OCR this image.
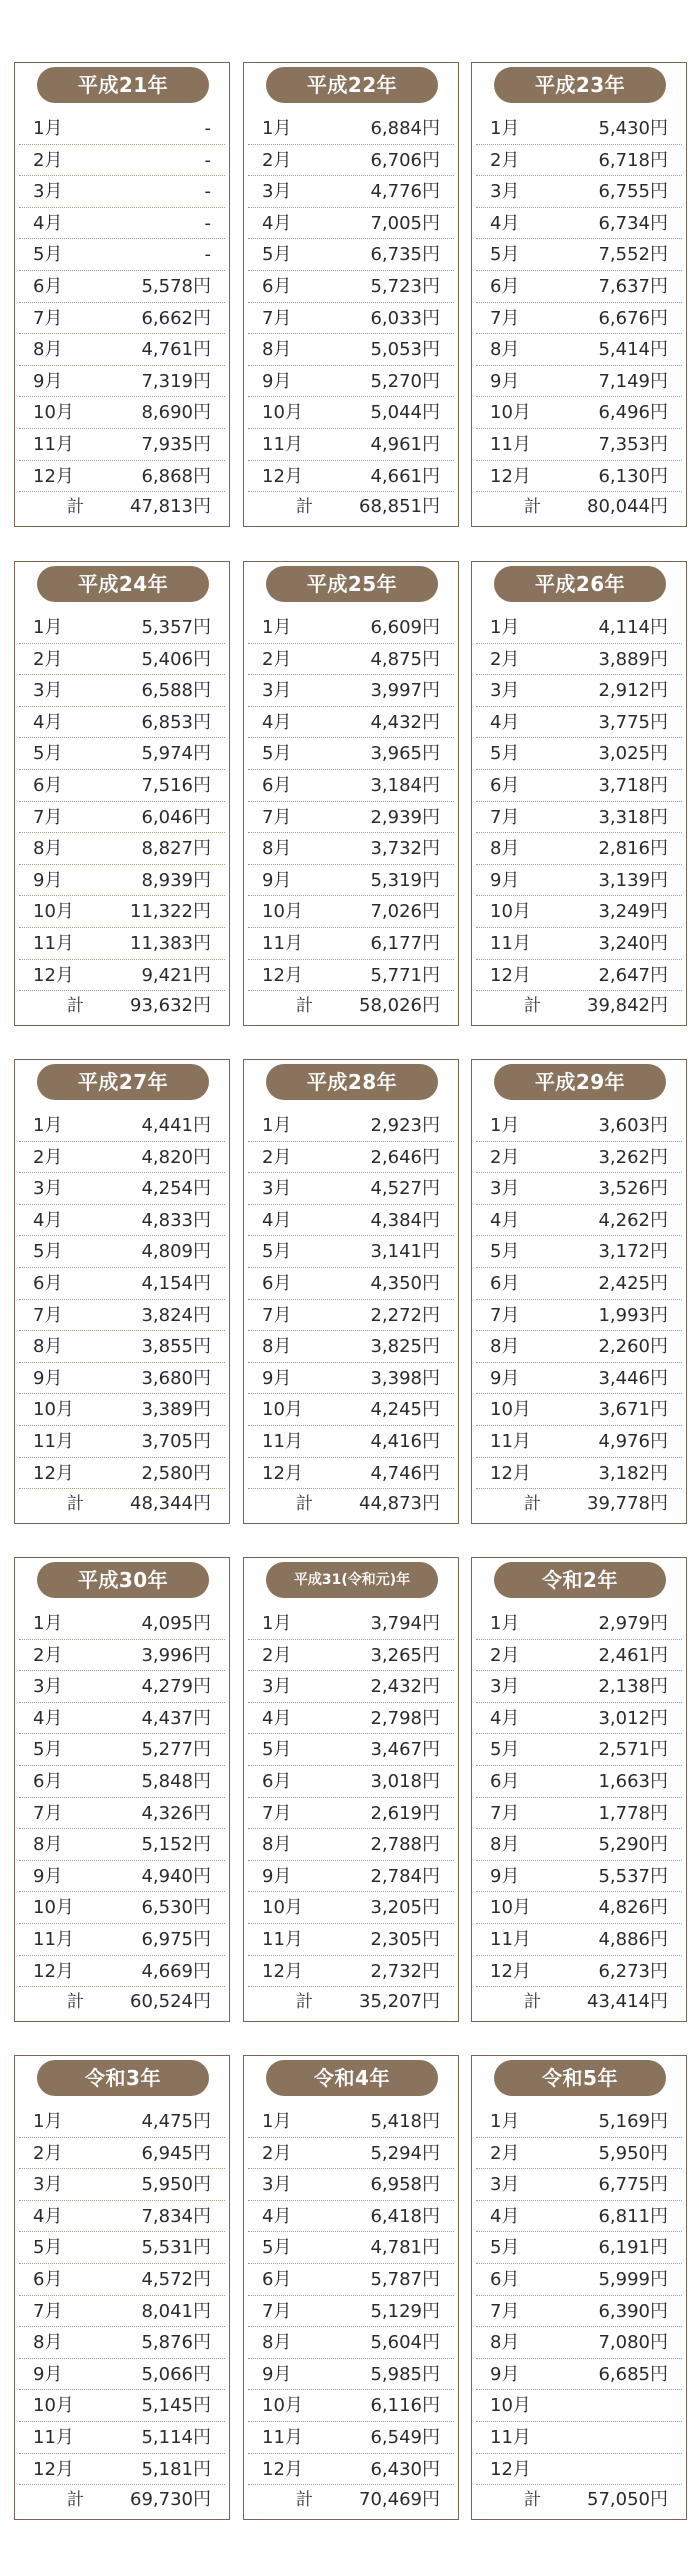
平成21年
1月	-
2月	-
3月	-
4月	-
5月	-
6月	5,578円
7月	6,662円
8月	4,761円
9月	7,319円
10月	8,690円
11月	7,935円
12月	6,868円
計	47,813円
平成22年
1月	6,884円
2月	6,706円
3月	4,776円
4月	7,005円
5月	6,735円
6月	5,723円
7月	6,033円
8月	5,053円
9月	5,270円
10月	5,044円
11月	4,961円
12月	4,661円
計	68,851円
平成23年
1月	5,430円
2月	6,718円
3月	6,755円
4月	6,734円
5月	7,552円
6月	7,637円
7月	6,676円
8月	5,414円
9月	7,149円
10月	6,496円
11月	7,353円
12月	6,130円
計	80,044円
平成24年
1月	5,357円
2月	5,406円
3月	6,588円
4月	6,853円
5月	5,974円
6月	7,516円
7月	6,046円
8月	8,827円
9月	8,939円
10月	11,322円
11月	11,383円
12月	9,421円
計	93,632円
平成25年
1月	6,609円
2月	4,875円
3月	3,997円
4月	4,432円
5月	3,965円
6月	3,184円
7月	2,939円
8月	3,732円
9月	5,319円
10月	7,026円
11月	6,177円
12月	5,771円
計	58,026円
平成26年
1月	4,114円
2月	3,889円
3月	2,912円
4月	3,775円
5月	3,025円
6月	3,718円
7月	3,318円
8月	2,816円
9月	3,139円
10月	3,249円
11月	3,240円
12月	2,647円
計	39,842円
平成27年
1月	4,441円
2月	4,820円
3月	4,254円
4月	4,833円
5月	4,809円
6月	4,154円
7月	3,824円
8月	3,855円
9月	3,680円
10月	3,389円
11月	3,705円
12月	2,580円
計	48,344円
平成28年
1月	2,923円
2月	2,646円
3月	4,527円
4月	4,384円
5月	3,141円
6月	4,350円
7月	2,272円
8月	3,825円
9月	3,398円
10月	4,245円
11月	4,416円
12月	4,746円
計	44,873円
平成29年
1月	3,603円
2月	3,262円
3月	3,526円
4月	4,262円
5月	3,172円
6月	2,425円
7月	1,993円
8月	2,260円
9月	3,446円
10月	3,671円
11月	4,976円
12月	3,182円
計	39,778円
平成30年
1月	4,095円
2月	3,996円
3月	4,279円
4月	4,437円
5月	5,277円
6月	5,848円
7月	4,326円
8月	5,152円
9月	4,940円
10月	6,530円
11月	6,975円
12月	4,669円
計	60,524円
平成31(令和元)年
1月	3,794円
2月	3,265円
3月	2,432円
4月	2,798円
5月	3,467円
6月	3,018円
7月	2,619円
8月	2,788円
9月	2,784円
10月	3,205円
11月	2,305円
12月	2,732円
計	35,207円
令和2年
1月	2,979円
2月	2,461円
3月	2,138円
4月	3,012円
5月	2,571円
6月	1,663円
7月	1,778円
8月	5,290円
9月	5,537円
10月	4,826円
11月	4,886円
12月	6,273円
計	43,414円
令和3年
1月	4,475円
2月	6,945円
3月	5,950円
4月	7,834円
5月	5,531円
6月	4,572円
7月	8,041円
8月	5,876円
9月	5,066円
10月	5,145円
11月	5,114円
12月	5,181円
計	69,730円
令和4年
1月	5,418円
2月	5,294円
3月	6,958円
4月	6,418円
5月	4,781円
6月	5,787円
7月	5,129円
8月	5,604円
9月	5,985円
10月	6,116円
11月	6,549円
12月	6,430円
計	70,469円
令和5年
1月	5,169円
2月	5,950円
3月	6,775円
4月	6,811円
5月	6,191円
6月	5,999円
7月	6,390円
8月	7,080円
9月	6,685円
10月
11月
12月
計	57,050円
